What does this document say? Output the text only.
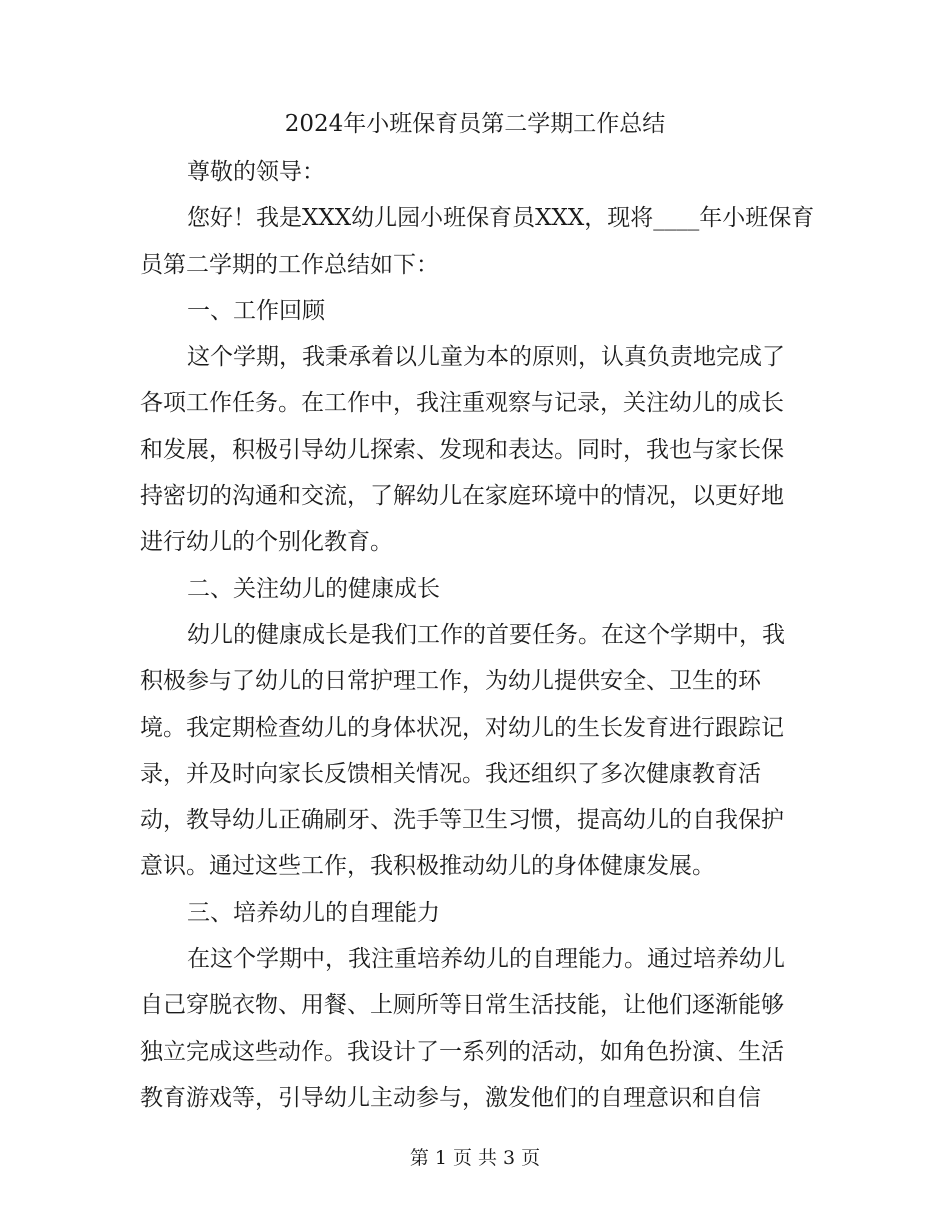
2024年小班保育员第二学期工作总结
尊敬的领导：
您好！我是XXX幼儿园小班保育员XXX，现将____年小班保育
员第二学期的工作总结如下：
一、工作回顾
这个学期，我秉承着以儿童为本的原则，认真负责地完成了
各项工作任务。在工作中，我注重观察与记录，关注幼儿的成长
和发展，积极引导幼儿探索、发现和表达。同时，我也与家长保
持密切的沟通和交流，了解幼儿在家庭环境中的情况，以更好地
进行幼儿的个别化教育。
二、关注幼儿的健康成长
幼儿的健康成长是我们工作的首要任务。在这个学期中，我
积极参与了幼儿的日常护理工作，为幼儿提供安全、卫生的环
境。我定期检查幼儿的身体状况，对幼儿的生长发育进行跟踪记
录，并及时向家长反馈相关情况。我还组织了多次健康教育活
动，教导幼儿正确刷牙、洗手等卫生习惯，提高幼儿的自我保护
意识。通过这些工作，我积极推动幼儿的身体健康发展。
三、培养幼儿的自理能力
在这个学期中，我注重培养幼儿的自理能力。通过培养幼儿
自己穿脱衣物、用餐、上厕所等日常生活技能，让他们逐渐能够
独立完成这些动作。我设计了一系列的活动，如角色扮演、生活
教育游戏等，引导幼儿主动参与，激发他们的自理意识和自信
第 1 页 共 3 页
